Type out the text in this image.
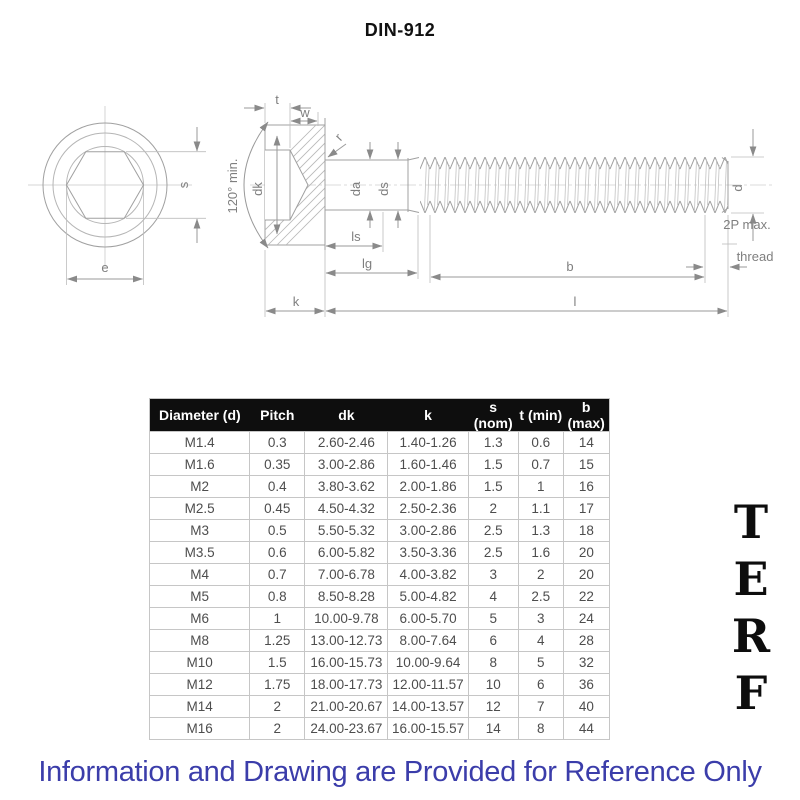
DIN-912
s
e
t
w
r
dk
120° min.	da ds
ls
lg	b
k	l
d
2P max.
thread
Diameter (d)	Pitch	dk	k	s (nom)	t (min)	b (max)
M1.4	0.3	2.60-2.46	1.40-1.26	1.3	0.6	14
M1.6	0.35	3.00-2.86	1.60-1.46	1.5	0.7	15
M2	0.4	3.80-3.62	2.00-1.86	1.5	1	16
M2.5	0.45	4.50-4.32	2.50-2.36	2	1.1	17
M3	0.5	5.50-5.32	3.00-2.86	2.5	1.3	18
M3.5	0.6	6.00-5.82	3.50-3.36	2.5	1.6	20
M4	0.7	7.00-6.78	4.00-3.82	3	2	20
M5	0.8	8.50-8.28	5.00-4.82	4	2.5	22
M6	1	10.00-9.78	6.00-5.70	5	3	24
M8	1.25	13.00-12.73	8.00-7.64	6	4	28
M10	1.5	16.00-15.73	10.00-9.64	8	5	32
M12	1.75	18.00-17.73	12.00-11.57	10	6	36
M14	2	21.00-20.67	14.00-13.57	12	7	40
M16	2	24.00-23.67	16.00-15.57	14	8	44
T
E
R
F
Information and Drawing are Provided for Reference Only
